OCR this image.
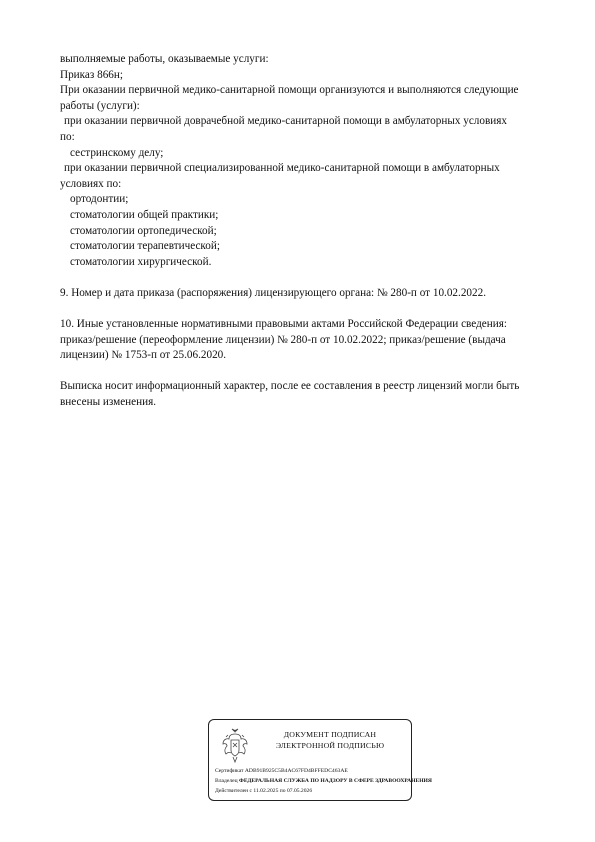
выполняемые работы, оказываемые услуги:
Приказ 866н;
При оказании первичной медико-санитарной помощи организуются и выполняются следующие
работы (услуги):
при оказании первичной доврачебной медико-санитарной помощи в амбулаторных условиях
по:
сестринскому делу;
при оказании первичной специализированной медико-санитарной помощи в амбулаторных
условиях по:
ортодонтии;
стоматологии общей практики;
стоматологии ортопедической;
стоматологии терапевтической;
стоматологии хирургической.
9. Номер и дата приказа (распоряжения) лицензирующего органа: № 280-п от 10.02.2022.
10. Иные установленные нормативными правовыми актами Российской Федерации сведения:
приказ/решение (переоформление лицензии) № 280-п от 10.02.2022; приказ/решение (выдача
лицензии) № 1753-п от 25.06.2020.
Выписка носит информационный характер, после ее составления в реестр лицензий могли быть
внесены изменения.
ДОКУМЕНТ ПОДПИСАН
ЭЛЕКТРОННОЙ ПОДПИСЬЮ
Сертификат ADB91B925C5B4AC67FD4BFFEDC463AE
Владелец ФЕДЕРАЛЬНАЯ СЛУЖБА ПО НАДЗОРУ В СФЕРЕ ЗДРАВООХРАНЕНИЯ
Действителен с 11.02.2025 по 07.05.2026
